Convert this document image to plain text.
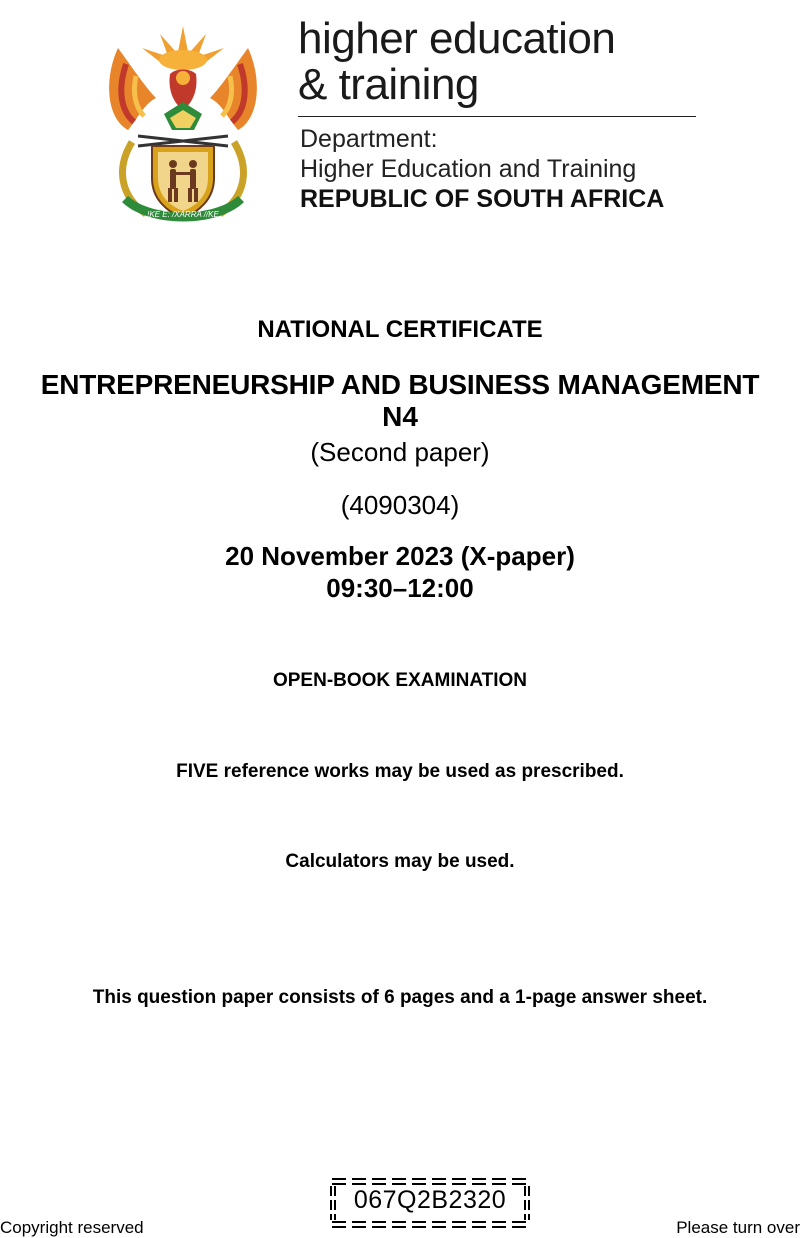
!KE E: /XARRA //KE
higher education
& training
Department:
Higher Education and Training
REPUBLIC OF SOUTH AFRICA
NATIONAL CERTIFICATE
ENTREPRENEURSHIP AND BUSINESS MANAGEMENT
N4
(Second paper)
(4090304)
20 November 2023 (X-paper)
09:30–12:00
OPEN-BOOK EXAMINATION
FIVE reference works may be used as prescribed.
Calculators may be used.
This question paper consists of 6 pages and a 1-page answer sheet.
Copyright reserved
067Q2B2320
Please turn over
